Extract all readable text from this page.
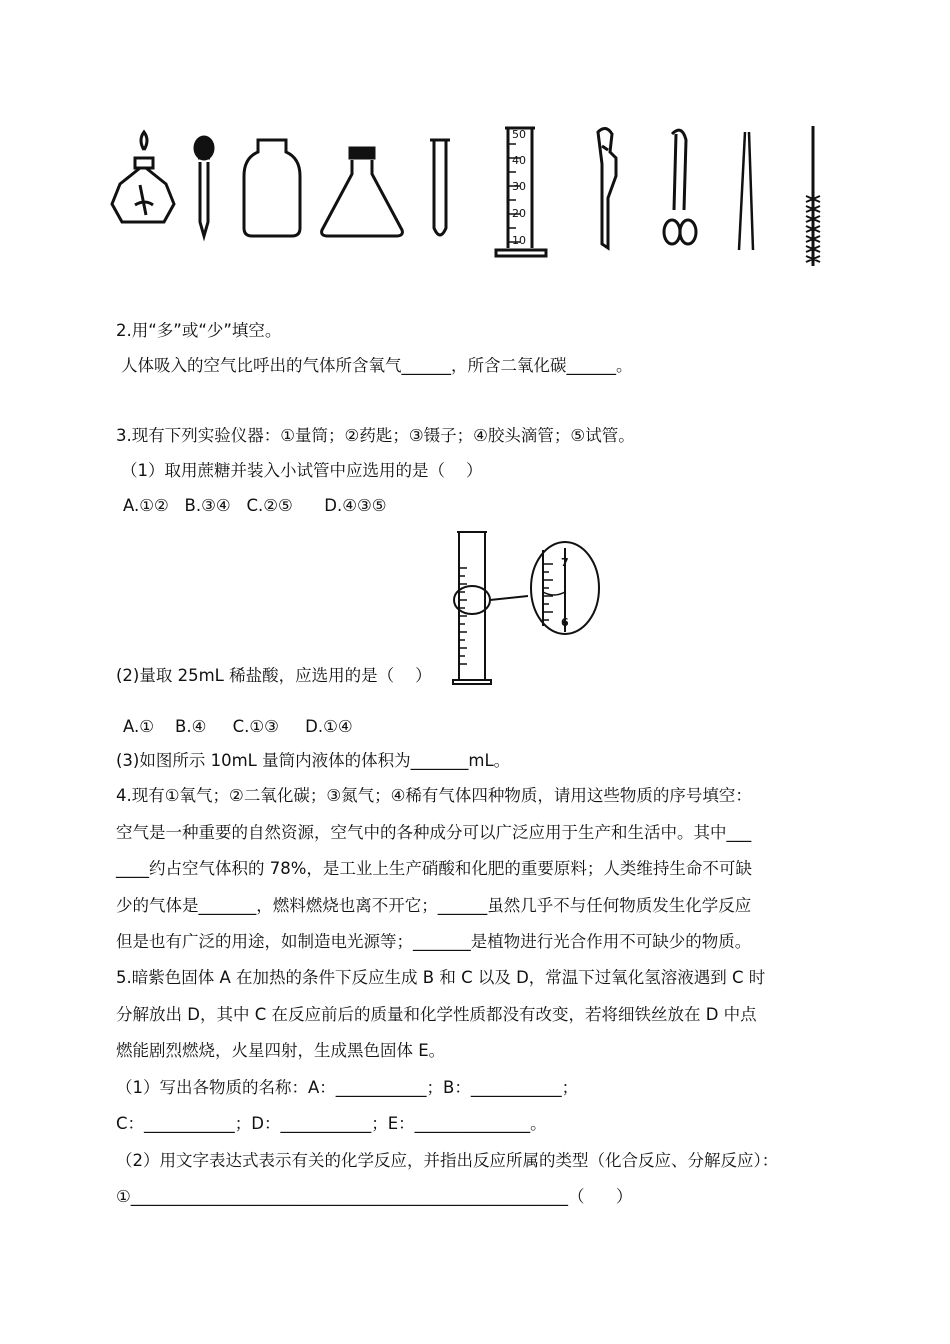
50
40
30
20
10
2.用“多”或“少”填空。
人体吸入的空气比呼出的气体所含氧气______，所含二氧化碳______。
3.现有下列实验仪器：①量筒；②药匙；③镊子；④胶头滴管；⑤试管。
（1）取用蔗糖并装入小试管中应选用的是（    ）
A.①②   B.③④   C.②⑤      D.④③⑤
7
6
(2)量取 25mL 稀盐酸，应选用的是（    ）
A.①    B.④     C.①③     D.①④
(3)如图所示 10mL 量筒内液体的体积为_______mL。
4.现有①氧气；②二氧化碳；③氮气；④稀有气体四种物质，请用这些物质的序号填空：
空气是一种重要的自然资源，空气中的各种成分可以广泛应用于生产和生活中。其中___
____约占空气体积的 78%，是工业上生产硝酸和化肥的重要原料；人类维持生命不可缺
少的气体是_______，燃料燃烧也离不开它；______虽然几乎不与任何物质发生化学反应
但是也有广泛的用途，如制造电光源等；_______是植物进行光合作用不可缺少的物质。
5.暗紫色固体 A 在加热的条件下反应生成 B 和 C 以及 D，常温下过氧化氢溶液遇到 C 时
分解放出 D，其中 C 在反应前后的质量和化学性质都没有改变，若将细铁丝放在 D 中点
燃能剧烈燃烧，火星四射，生成黑色固体 E。
（1）写出各物质的名称：A：___________；B：___________；
C：___________；D：___________；E：______________。
（2）用文字表达式表示有关的化学反应，并指出反应所属的类型（化合反应、分解反应）：
①_____________________________________________________（      ）
